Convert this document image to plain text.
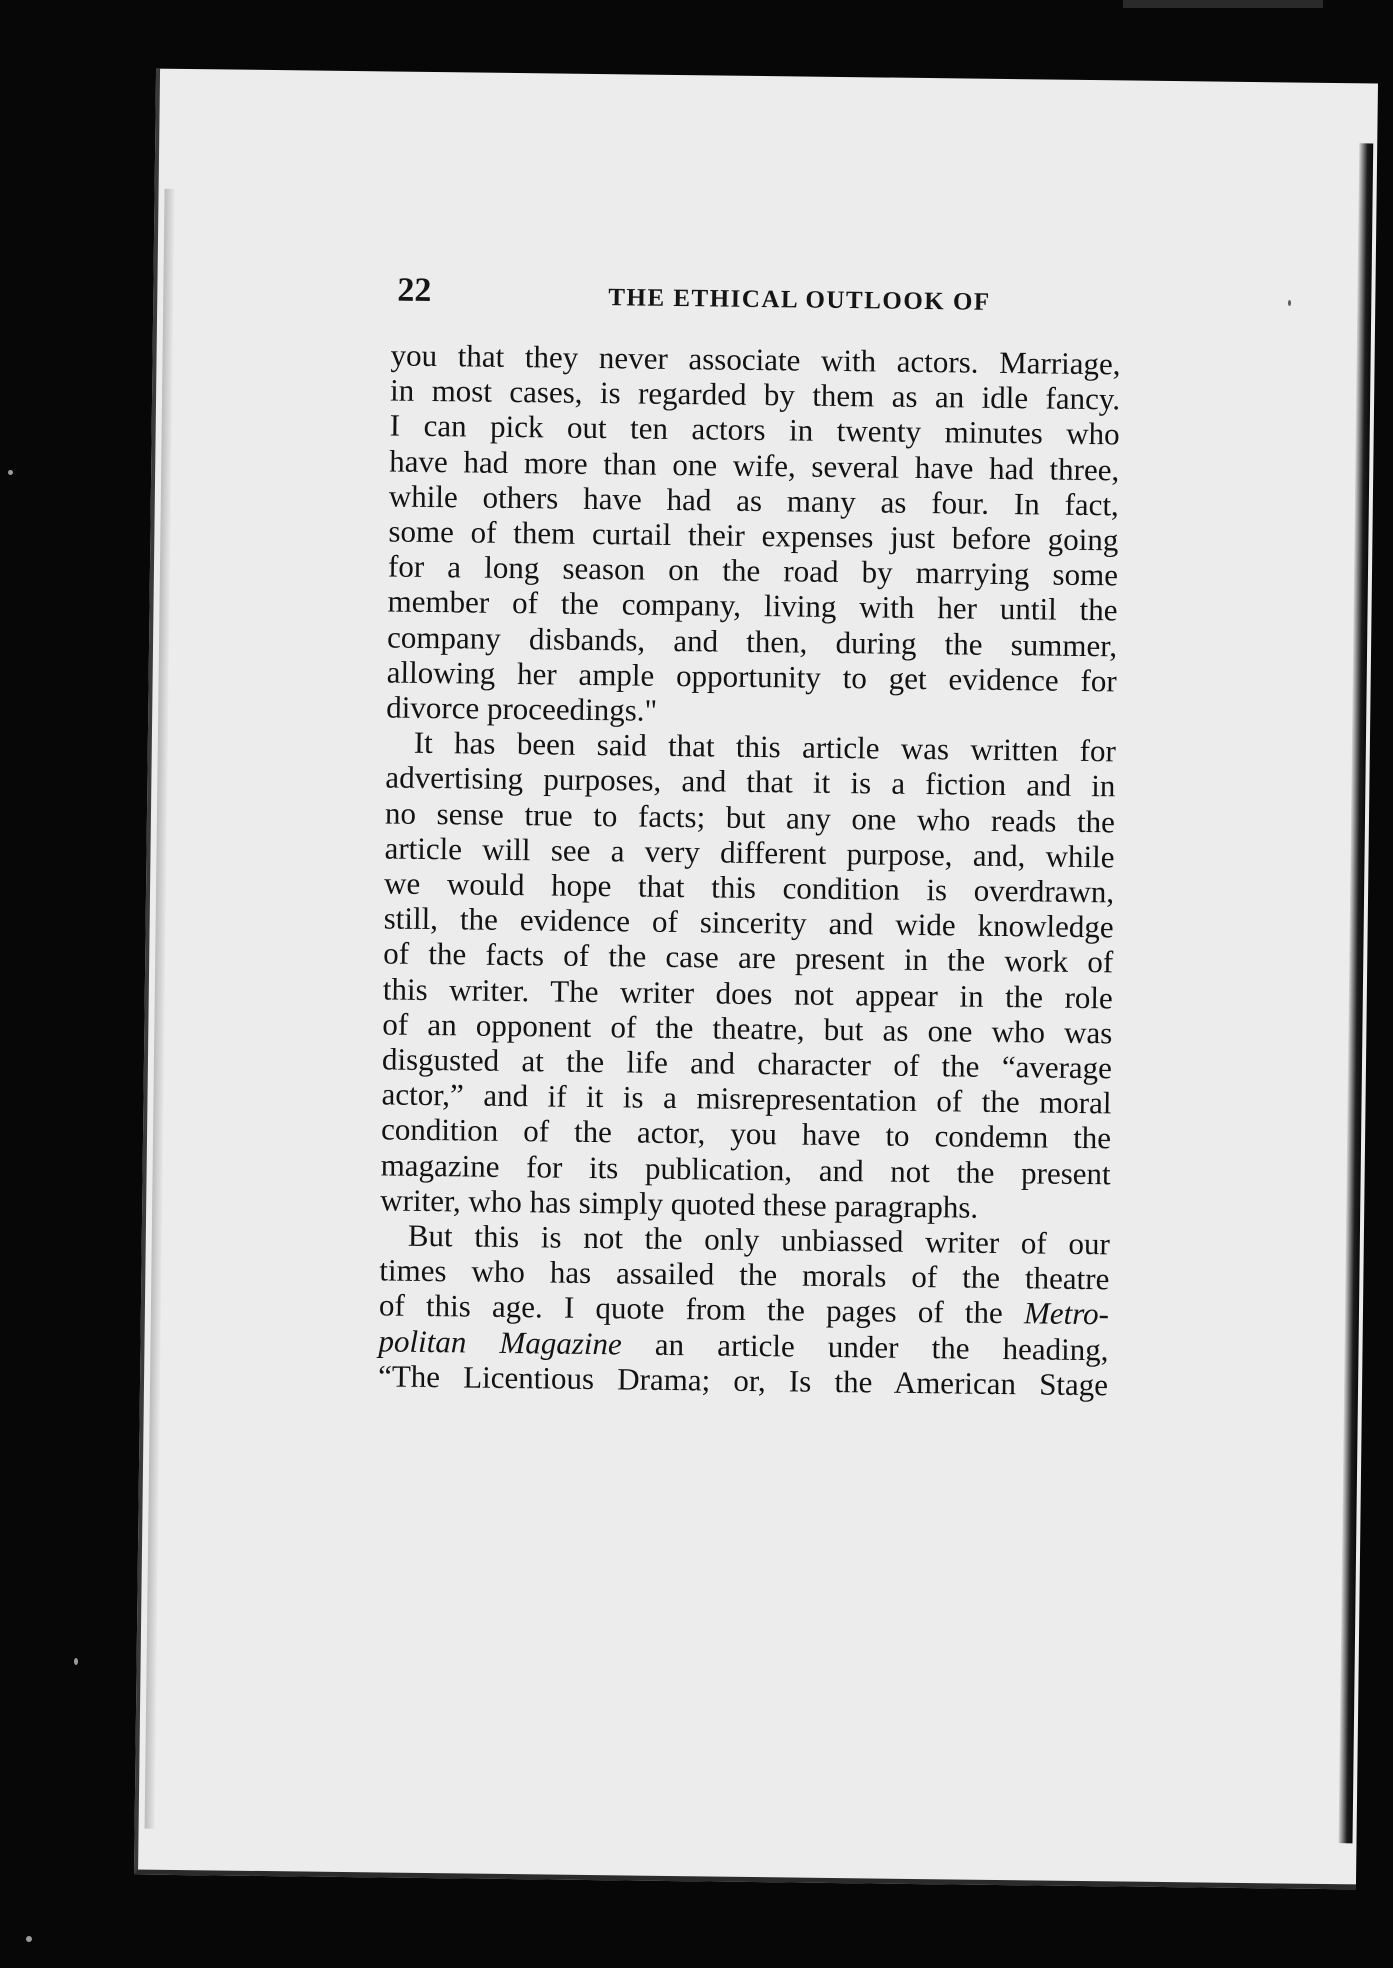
22	THE ETHICAL OUTLOOK OF
you that they never associate with actors. Marriage,
in most cases, is regarded by them as an idle fancy.
I can pick out ten actors in twenty minutes who
have had more than one wife, several have had three,
while others have had as many as four. In fact,
some of them curtail their expenses just before going
for a long season on the road by marrying some
member of the company, living with her until the
company disbands, and then, during the summer,
allowing her ample opportunity to get evidence for
divorce proceedings."
It has been said that this article was written for
advertising purposes, and that it is a fiction and in
no sense true to facts; but any one who reads the
article will see a very different purpose, and, while
we would hope that this condition is overdrawn,
still, the evidence of sincerity and wide knowledge
of the facts of the case are present in the work of
this writer. The writer does not appear in the role
of an opponent of the theatre, but as one who was
disgusted at the life and character of the “average
actor,” and if it is a misrepresentation of the moral
condition of the actor, you have to condemn the
magazine for its publication, and not the present
writer, who has simply quoted these paragraphs.
But this is not the only unbiassed writer of our
times who has assailed the morals of the theatre
of this age. I quote from the pages of the Metro-
politan Magazine an article under the heading,
“The Licentious Drama; or, Is the American Stage
